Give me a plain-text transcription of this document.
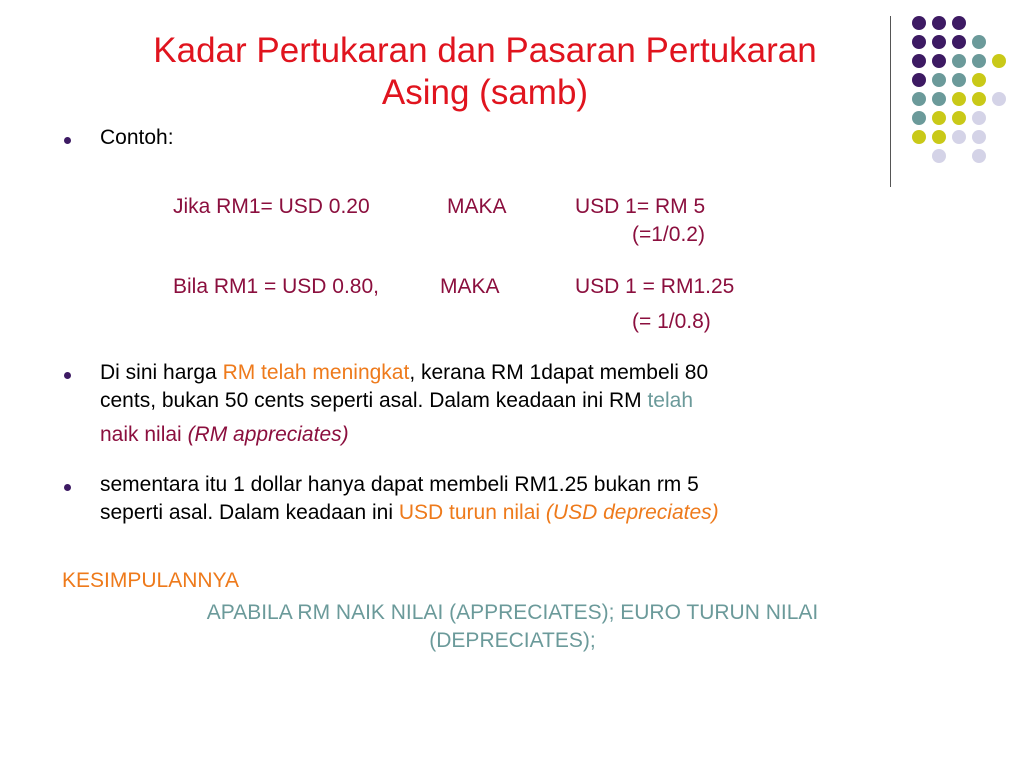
Kadar Pertukaran dan Pasaran Pertukaran
Asing (samb)
Contoh:
Jika RM1= USD 0.20	MAKA	USD 1= RM 5
(=1/0.2)
Bila RM1 = USD 0.80,	MAKA	USD 1 = RM1.25
(= 1/0.8)
Di sini harga RM telah meningkat, kerana RM 1dapat membeli 80
cents, bukan 50 cents seperti asal. Dalam keadaan ini RM telah
naik nilai (RM appreciates)
sementara itu 1 dollar hanya dapat membeli RM1.25 bukan rm 5
seperti asal. Dalam keadaan ini USD turun nilai (USD depreciates)
KESIMPULANNYA
APABILA RM NAIK NILAI (APPRECIATES); EURO TURUN NILAI
(DEPRECIATES);
